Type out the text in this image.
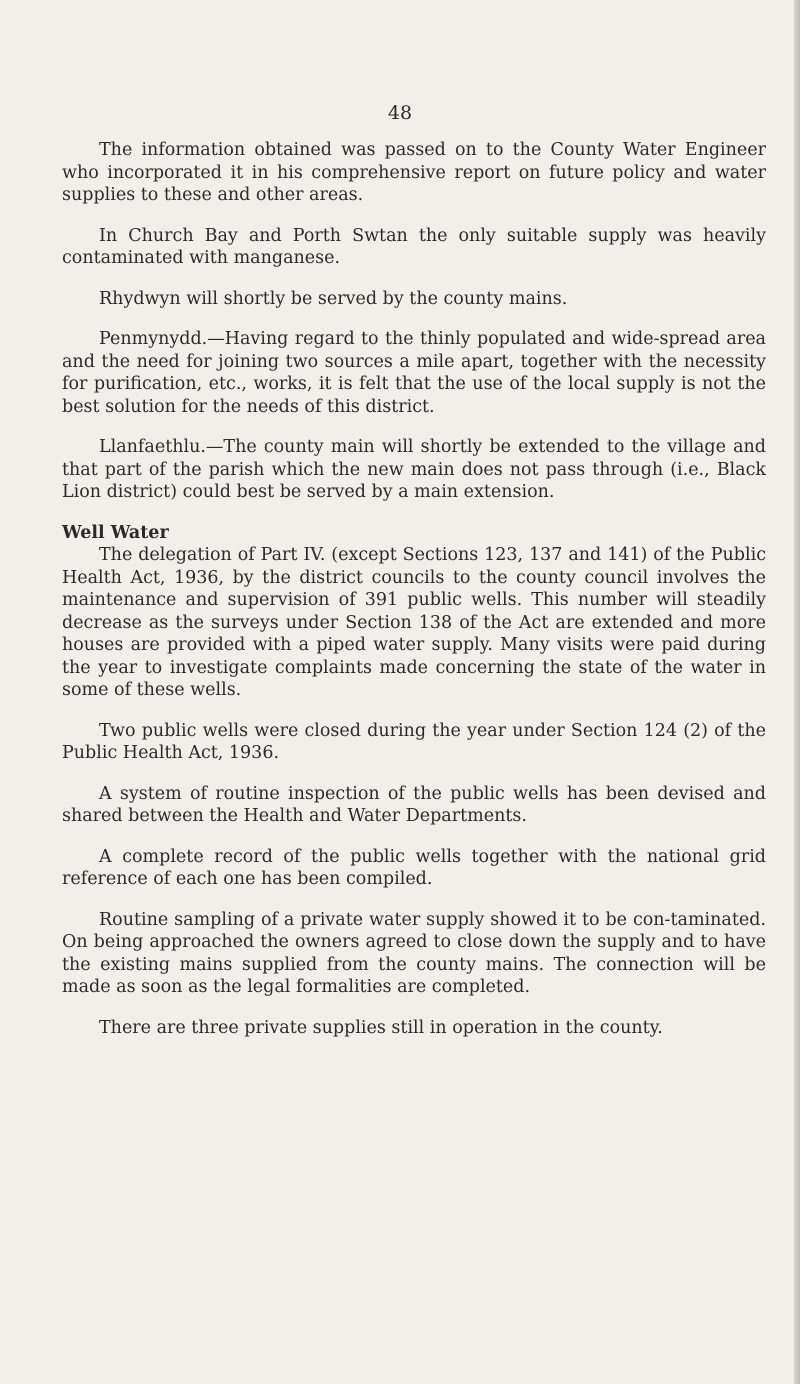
48

The information obtained was passed on to the County Water Engineer who incorporated it in his comprehensive report on future policy and water supplies to these and other areas.

In Church Bay and Porth Swtan the only suitable supply was heavily contaminated with manganese.

Rhydwyn will shortly be served by the county mains.

Penmynydd.—Having regard to the thinly populated and wide-spread area and the need for joining two sources a mile apart, together with the necessity for purification, etc., works, it is felt that the use of the local supply is not the best solution for the needs of this district.

Llanfaethlu.—The county main will shortly be extended to the village and that part of the parish which the new main does not pass through (i.e., Black Lion district) could best be served by a main extension.

Well Water

The delegation of Part IV. (except Sections 123, 137 and 141) of the Public Health Act, 1936, by the district councils to the county council involves the maintenance and supervision of 391 public wells. This number will steadily decrease as the surveys under Section 138 of the Act are extended and more houses are provided with a piped water supply. Many visits were paid during the year to investigate complaints made concerning the state of the water in some of these wells.

Two public wells were closed during the year under Section 124 (2) of the Public Health Act, 1936.

A system of routine inspection of the public wells has been devised and shared between the Health and Water Departments.

A complete record of the public wells together with the national grid reference of each one has been compiled.

Routine sampling of a private water supply showed it to be con-taminated. On being approached the owners agreed to close down the supply and to have the existing mains supplied from the county mains. The connection will be made as soon as the legal formalities are completed.

There are three private supplies still in operation in the county.
